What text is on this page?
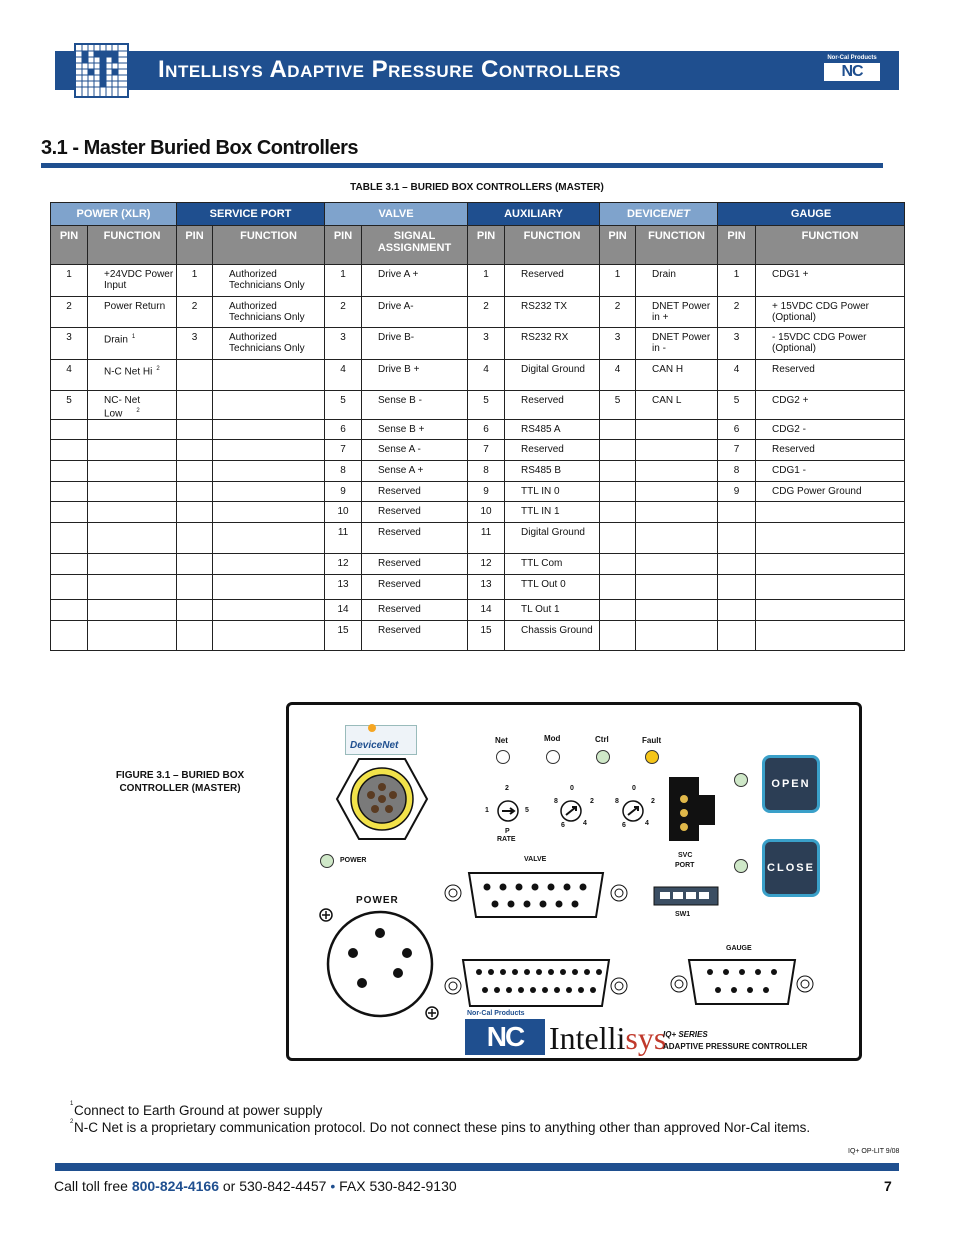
Intellisys Adaptive Pressure Controllers	Nor-Cal Products
NC
3.1 - Master Buried Box Controllers
TABLE 3.1 – BURIED BOX CONTROLLERS (MASTER)
POWER (XLR)		SERVICE PORT		VALVE		AUXILIARY		DEVICENET		GAUGE	
PIN	FUNCTION	PIN	FUNCTION	PIN	SIGNAL ASSIGNMENT	PIN	FUNCTION	PIN	FUNCTION	PIN	FUNCTION
1	+24VDC Power Input	1	Authorized Technicians Only	1	Drive A +	1	Reserved	1	Drain	1	CDG1 +
2	Power Return	2	Authorized Technicians Only	2	Drive A-	2	RS232 TX	2	DNET Power in +	2	+ 15VDC CDG Power (Optional)
3	Drain $^1$	3	Authorized Technicians Only	3	Drive B-	3	RS232 RX	3	DNET Power in -	3	- 15VDC CDG Power (Optional)
4	N-C Net Hi $^2$			4	Drive B +	4	Digital Ground	4	CAN H	4	Reserved
5	NC- Net Low $^2$			5	Sense B -	5	Reserved	5	CAN L	5	CDG2 +
				6	Sense B +	6	RS485 A			6	CDG2 -
				7	Sense A -	7	Reserved			7	Reserved
				8	Sense A +	8	RS485 B			8	CDG1 -
				9	Reserved	9	TTL IN 0			9	CDG Power Ground
				10	Reserved	10	TTL IN 1				
				11	Reserved	11	Digital Ground				
				12	Reserved	12	TTL Com				
				13	Reserved	13	TTL Out 0				
				14	Reserved	14	TL Out 1				
				15	Reserved	15	Chassis Ground				
FIGURE 3.1 – BURIED BOX CONTROLLER (MASTER)
DeviceNet	Net	Mod	Ctrl	Fault
2
1	5
P
RATE
0
8	2
6	4
0
8	2
6	4
SVC
PORT
POWER	VALVE
SW1
POWER
GAUGE
OPEN
CLOSE
Nor-Cal Products
NC Intellisys
IQ+ SERIES
ADAPTIVE PRESSURE CONTROLLER
1 Connect to Earth Ground at power supply
2 N-C Net is a proprietary communication protocol. Do not connect these pins to anything other than approved Nor-Cal items.
IQ+ OP-LIT 9/08
Call toll free 800-824-4166 or 530-842-4457 • FAX 530-842-9130	7
